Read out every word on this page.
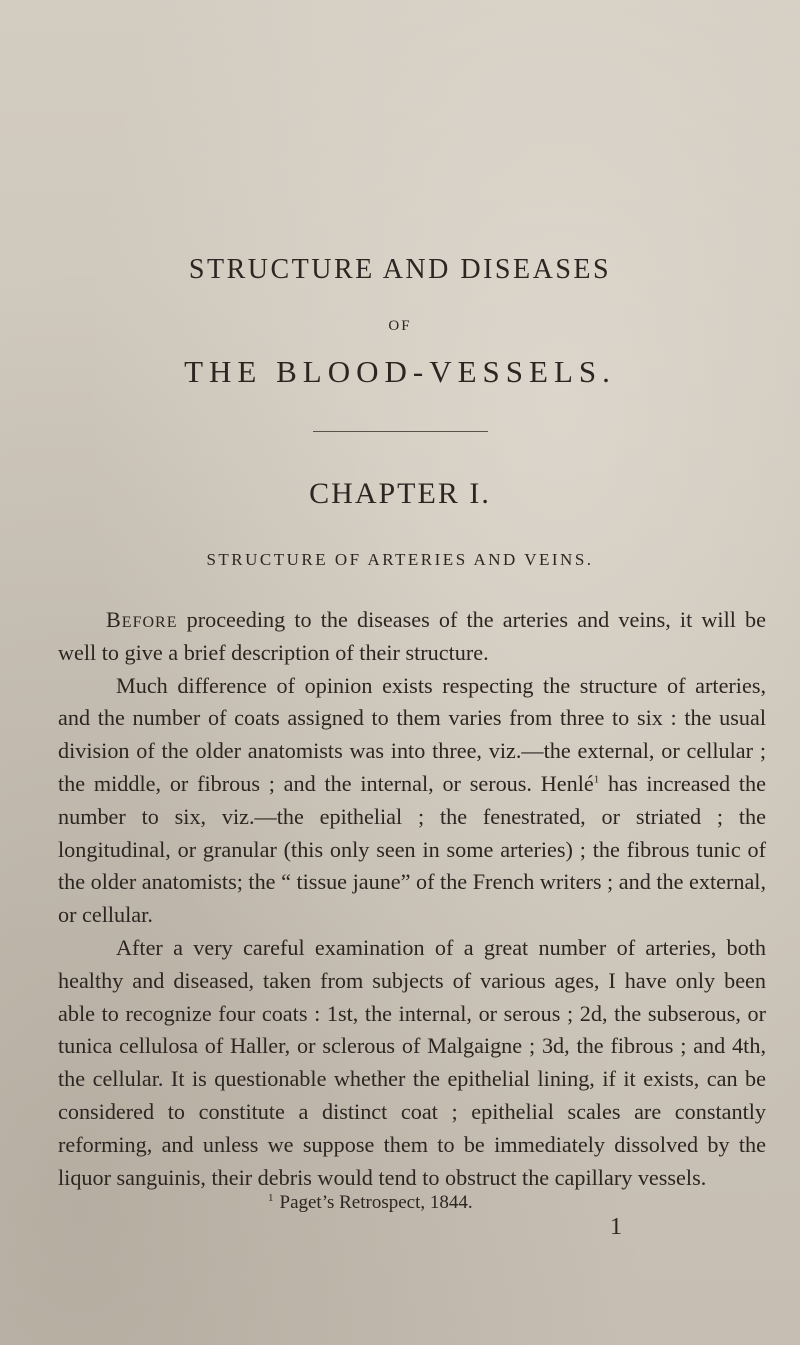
STRUCTURE AND DISEASES
OF
THE BLOOD-VESSELS.
CHAPTER I.
STRUCTURE OF ARTERIES AND VEINS.

Before proceeding to the diseases of the arteries and veins, it will be well to give a brief description of their structure.

Much difference of opinion exists respecting the structure of arteries, and the number of coats assigned to them varies from three to six : the usual division of the older anatomists was into three, viz.—the external, or cellular ; the middle, or fibrous ; and the internal, or serous. Henlé$^1$ has increased the number to six, viz.—the epithelial ; the fenestrated, or striated ; the longitudinal, or granular (this only seen in some arteries) ; the fibrous tunic of the older anatomists; the “ tissue jaune” of the French writers ; and the external, or cellular.

After a very careful examination of a great number of arteries, both healthy and diseased, taken from subjects of various ages, I have only been able to recognize four coats : 1st, the internal, or serous ; 2d, the subserous, or tunica cellulosa of Haller, or sclerous of Malgaigne ; 3d, the fibrous ; and 4th, the cellular. It is questionable whether the epithelial lining, if it exists, can be considered to constitute a distinct coat ; epithelial scales are constantly reforming, and unless we suppose them to be immediately dissolved by the liquor sanguinis, their debris would tend to obstruct the capillary vessels.

$^1$ Paget’s Retrospect, 1844.

1
